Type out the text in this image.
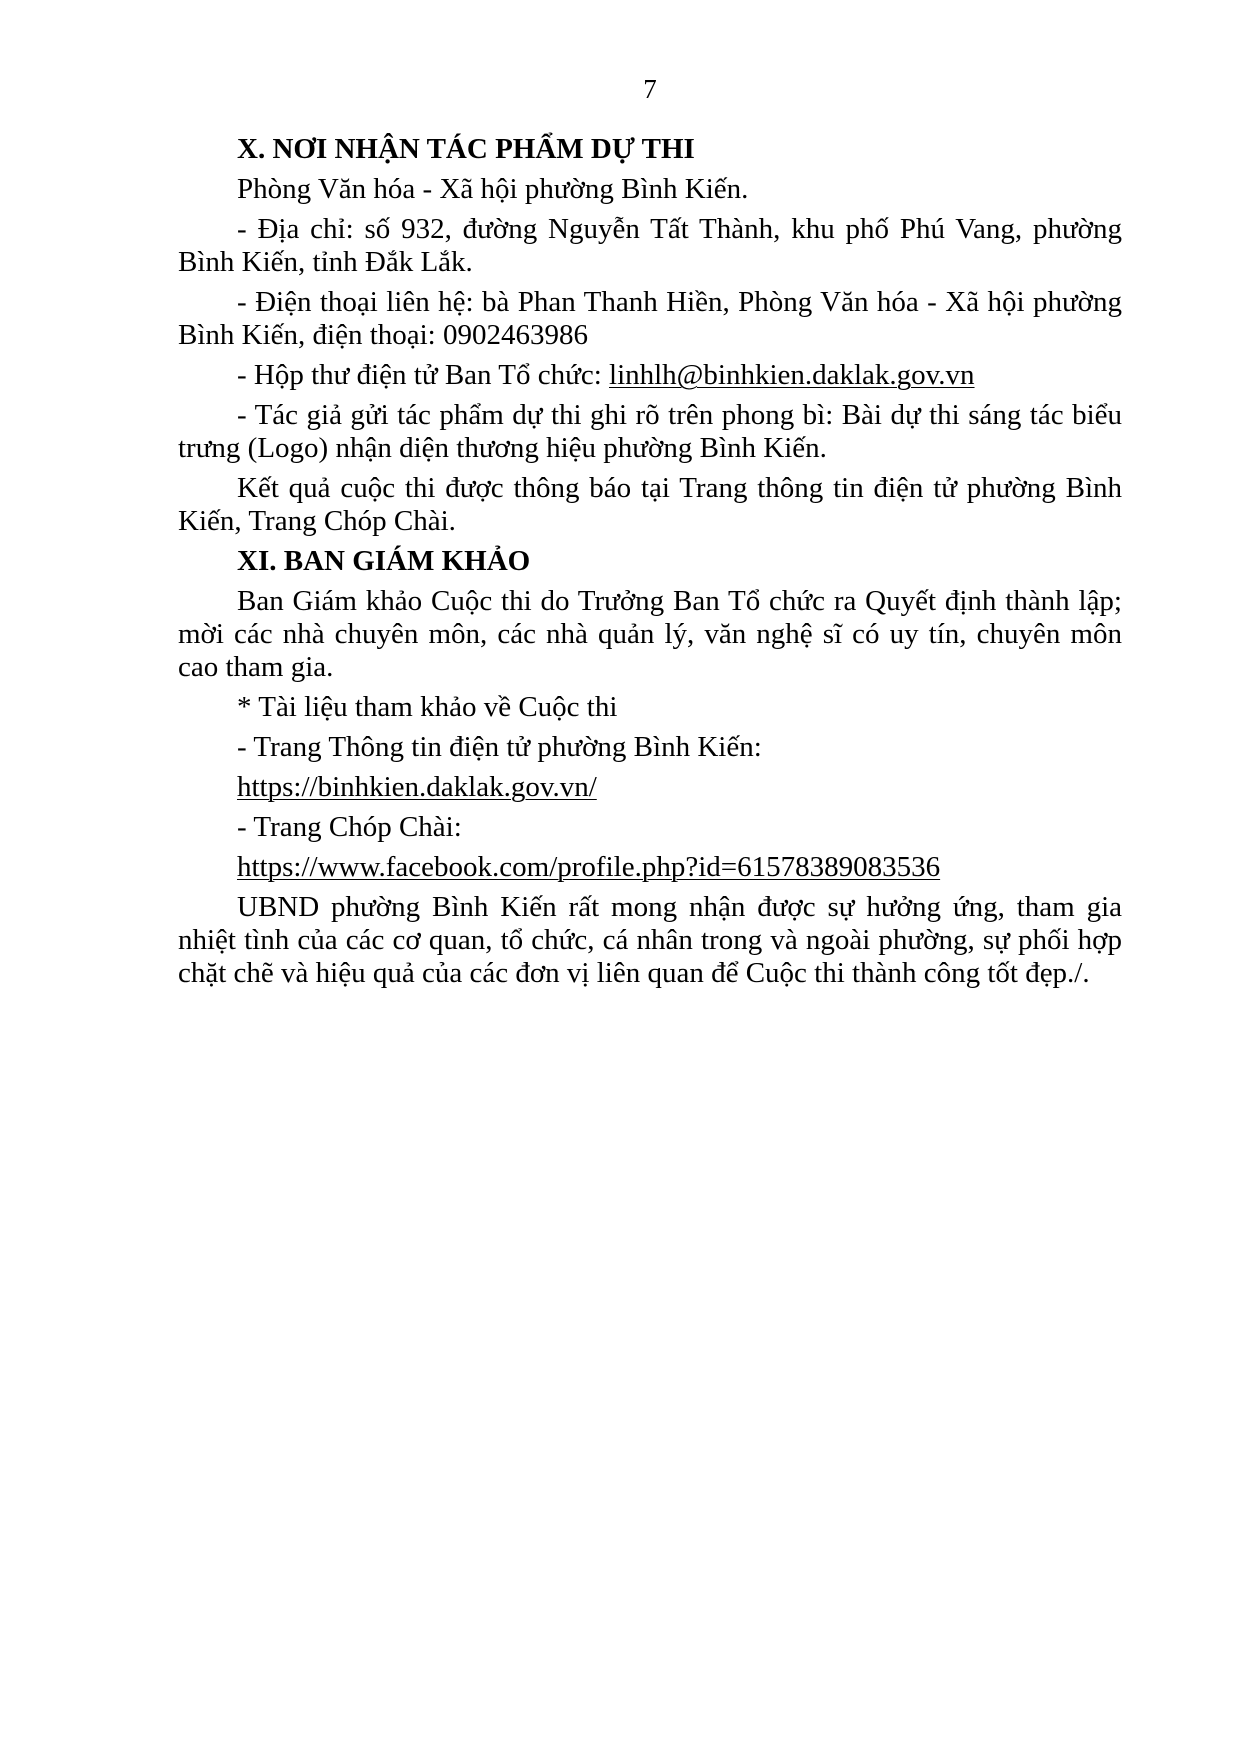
7
X. NƠI NHẬN TÁC PHẨM DỰ THI
Phòng Văn hóa - Xã hội phường Bình Kiến.
- Địa chỉ: số 932, đường Nguyễn Tất Thành, khu phố Phú Vang, phường Bình Kiến, tỉnh Đắk Lắk.
- Điện thoại liên hệ: bà Phan Thanh Hiền, Phòng Văn hóa - Xã hội phường Bình Kiến, điện thoại: 0902463986
- Hộp thư điện tử Ban Tổ chức: linhlh@binhkien.daklak.gov.vn
- Tác giả gửi tác phẩm dự thi ghi rõ trên phong bì: Bài dự thi sáng tác biểu trưng (Logo) nhận diện thương hiệu phường Bình Kiến.
Kết quả cuộc thi được thông báo tại Trang thông tin điện tử phường Bình Kiến, Trang Chóp Chài.
XI. BAN GIÁM KHẢO
Ban Giám khảo Cuộc thi do Trưởng Ban Tổ chức ra Quyết định thành lập; mời các nhà chuyên môn, các nhà quản lý, văn nghệ sĩ có uy tín, chuyên môn cao tham gia.
* Tài liệu tham khảo về Cuộc thi
- Trang Thông tin điện tử phường Bình Kiến:
https://binhkien.daklak.gov.vn/
- Trang Chóp Chài:
https://www.facebook.com/profile.php?id=61578389083536
UBND phường Bình Kiến rất mong nhận được sự hưởng ứng, tham gia nhiệt tình của các cơ quan, tổ chức, cá nhân trong và ngoài phường, sự phối hợp chặt chẽ và hiệu quả của các đơn vị liên quan để Cuộc thi thành công tốt đẹp./.
